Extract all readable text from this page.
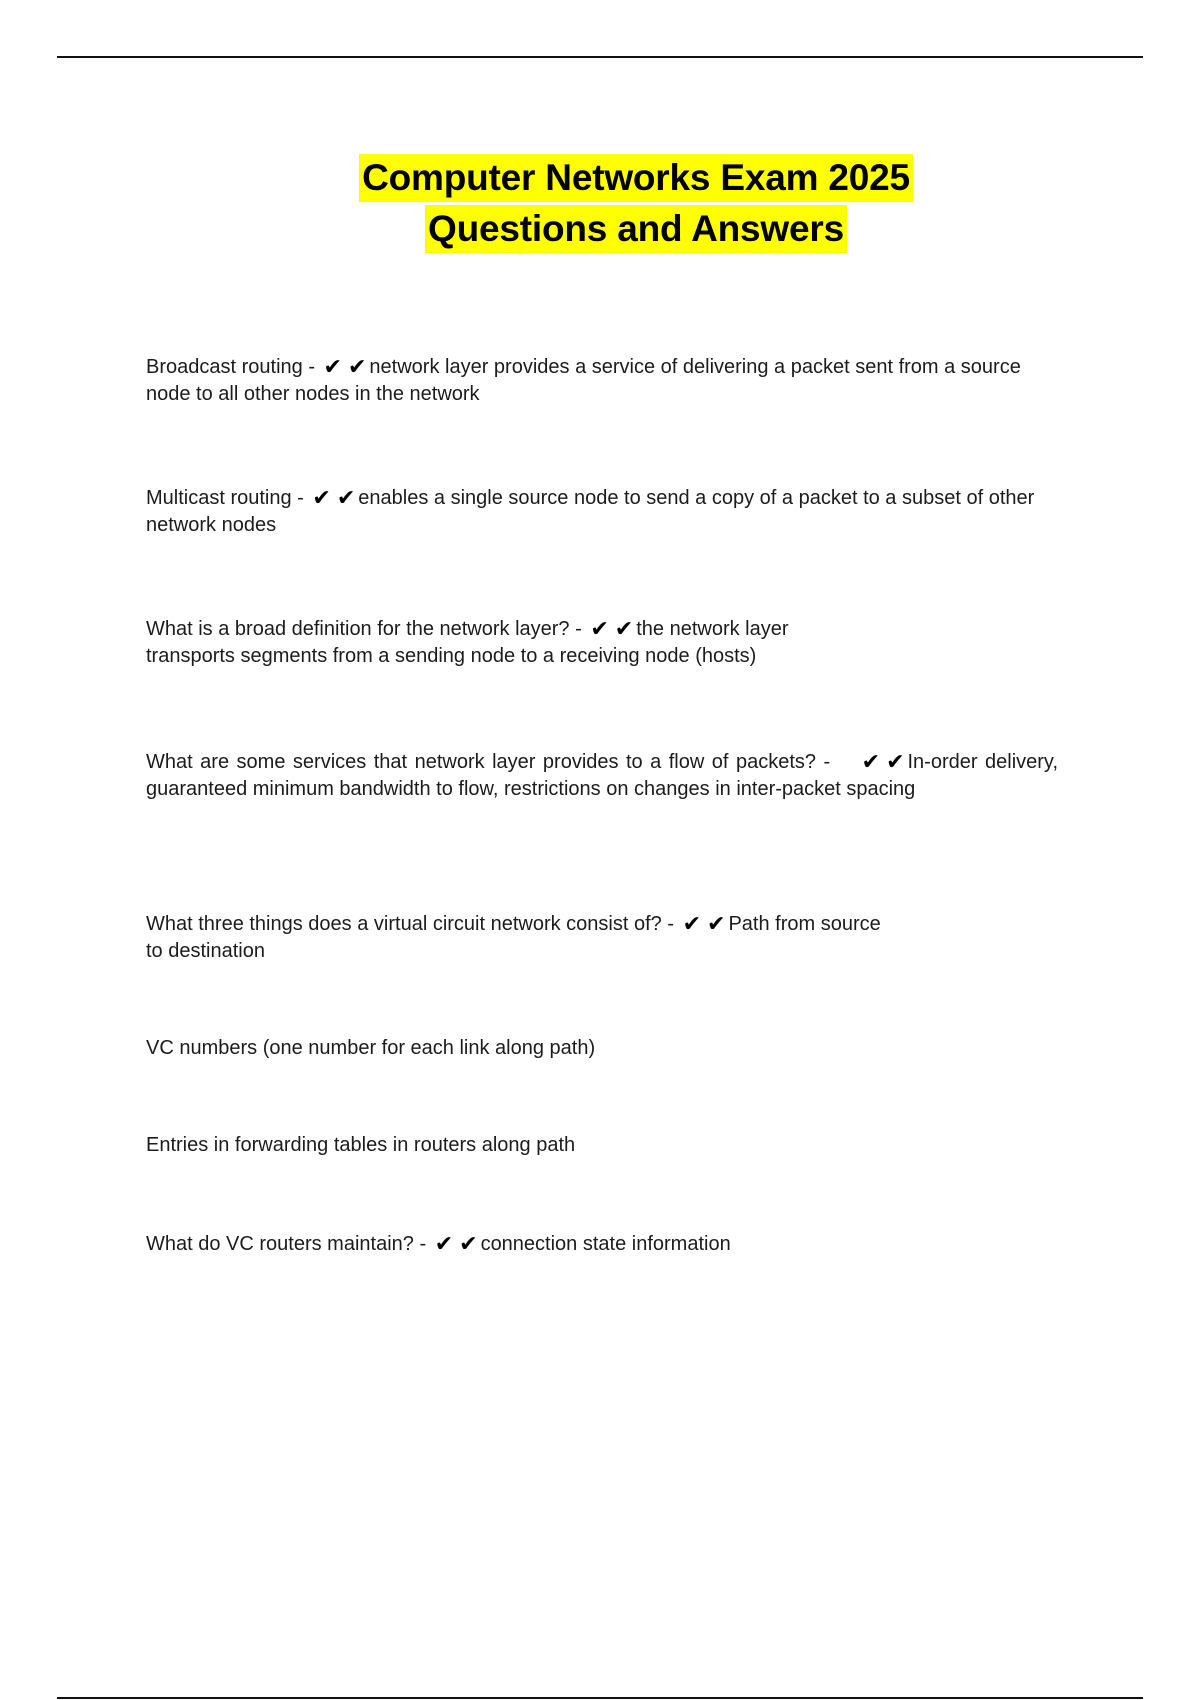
Computer Networks Exam 2025
Questions and Answers
Broadcast routing - ✔ ✔ network layer provides a service of delivering a packet sent from a source node to all other nodes in the network
Multicast routing - ✔ ✔ enables a single source node to send a copy of a packet to a subset of other network nodes
What is a broad definition for the network layer? - ✔ ✔ the network layer
transports segments from a sending node to a receiving node (hosts)
What are some services that network layer provides to a flow of packets? - ✔ ✔ In-order delivery, guaranteed minimum bandwidth to flow, restrictions on changes in inter-packet spacing
What three things does a virtual circuit network consist of? - ✔ ✔ Path from source
to destination
VC numbers (one number for each link along path)
Entries in forwarding tables in routers along path
What do VC routers maintain? - ✔ ✔ connection state information
